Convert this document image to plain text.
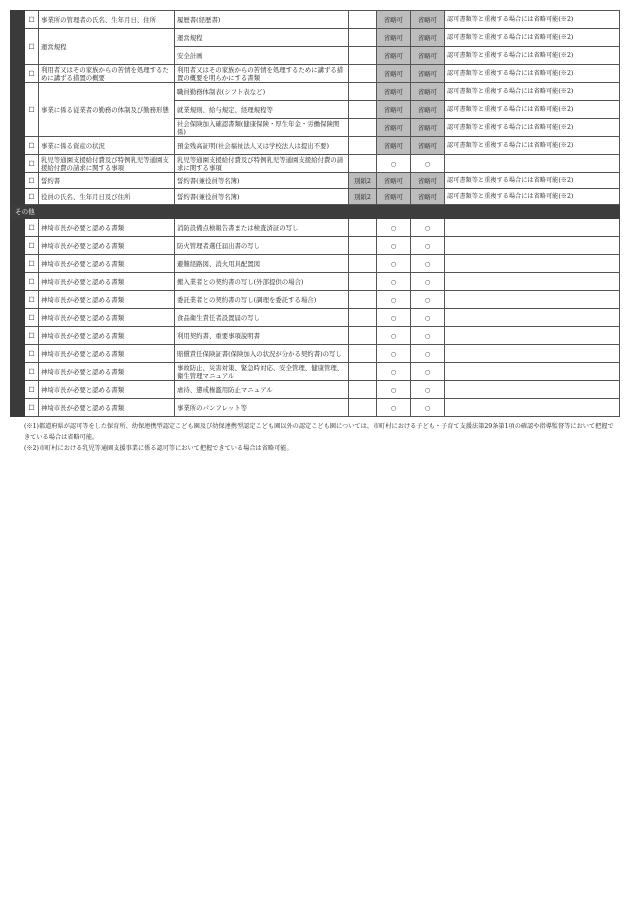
	☐	事業所の管理者の氏名、生年月日、住所	履歴書(経歴書)		省略可	省略可	認可書類等と重複する場合には省略可能(※2)
	☐	運営規程	運営規程		省略可	省略可	認可書類等と重複する場合には省略可能(※2)
			安全計画		省略可	省略可	認可書類等と重複する場合には省略可能(※2)
	☐	利用者又はその家族からの苦情を処理するために講ずる措置の概要	利用者又はその家族からの苦情を処理するために講ずる措置の概要を明らかにする書類		省略可	省略可	認可書類等と重複する場合には省略可能(※2)
	☐	事業に係る従業者の勤務の体制及び勤務形態	職員勤務体制表(シフト表など)		省略可	省略可	認可書類等と重複する場合には省略可能(※2)
			就業規則、給与規定、経理規程等		省略可	省略可	認可書類等と重複する場合には省略可能(※2)
			社会保険加入確認書類(健康保険・厚生年金・労働保険関係)		省略可	省略可	認可書類等と重複する場合には省略可能(※2)
	☐	事業に係る資産の状況	預金残高証明(社会福祉法人又は学校法人は提出不要)		省略可	省略可	認可書類等と重複する場合には省略可能(※2)
	☐	乳児等通園支援給付費及び特例乳児等通園支援給付費の請求に関する事項	乳児等通園支援給付費及び特例乳児等通園支援給付費の請求に関する事項		○	○	
	☐	誓約書	誓約書(兼役員等名簿)	別紙2	省略可	省略可	認可書類等と重複する場合には省略可能(※2)
	☐	役員の氏名、生年月日及び住所	誓約書(兼役員等名簿)	別紙2	省略可	省略可	認可書類等と重複する場合には省略可能(※2)
その他							
	☐	神埼市長が必要と認める書類	消防設備点検報告書または検査済証の写し		○	○	
	☐	神埼市長が必要と認める書類	防火管理者選任届出書の写し		○	○	
	☐	神埼市長が必要と認める書類	避難経路図、消火用具配置図		○	○	
	☐	神埼市長が必要と認める書類	搬入業者との契約書の写し(外部提供の場合)		○	○	
	☐	神埼市長が必要と認める書類	委託業者との契約書の写し(調理を委託する場合)		○	○	
	☐	神埼市長が必要と認める書類	食品衛生責任者設置届の写し		○	○	
	☐	神埼市長が必要と認める書類	利用契約書、重要事項説明書		○	○	
	☐	神埼市長が必要と認める書類	賠償責任保険証書(保険加入の状況が分かる契約書)の写し		○	○	
	☐	神埼市長が必要と認める書類	事故防止、災害対策、緊急時対応、安全管理、健康管理、衛生管理マニュアル		○	○	
	☐	神埼市長が必要と認める書類	虐待、懲戒権濫用防止マニュアル		○	○	
	☐	神埼市長が必要と認める書類	事業所のパンフレット等		○	○	
(※1)都道府県が認可等をした保育所、幼保連携型認定こども園及び幼保連携型認定こども園以外の認定こども園については、市町村における子ども・子育て支援法第29条第1項の確認や指導監督等において把握できている場合は省略可能。
(※2)市町村における乳児等通園支援事業に係る認可等において把握できている場合は省略可能。
